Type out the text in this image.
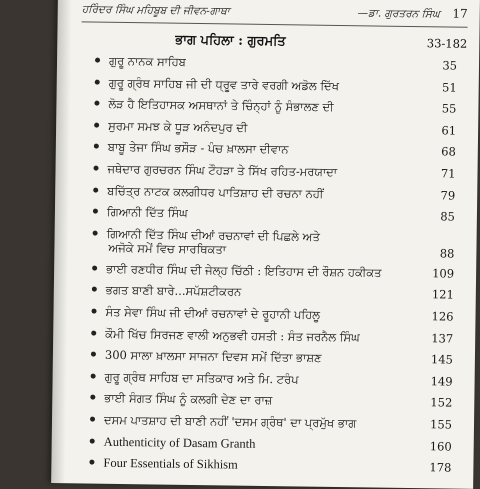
ਹਰਿੰਦਰ ਸਿੰਘ ਮਹਿਬੂਬ ਦੀ ਜੀਵਨ-ਗਾਥਾ	—ਡਾ. ਗੁਰਤਰਨ ਸਿੰਘ 17
ਭਾਗ ਪਹਿਲਾ : ਗੁਰਮਤਿ	33-182
ਗੁਰੂ ਨਾਨਕ ਸਾਹਿਬ	35
ਗੁਰੂ ਗ੍ਰੰਥ ਸਾਹਿਬ ਜੀ ਦੀ ਧ੍ਰੂਵ ਤਾਰੇ ਵਰਗੀ ਅਡੋਲ ਦਿੱਖ	51
ਲੋੜ ਹੈ ਇਤਿਹਾਸਕ ਅਸਥਾਨਾਂ ਤੇ ਚਿੰਨ੍ਹਾਂ ਨੂੰ ਸੰਭਾਲਣ ਦੀ	55
ਸੁਰਮਾ ਸਮਝ ਕੇ ਧੂੜ ਅਨੰਦਪੁਰ ਦੀ	61
ਬਾਬੂ ਤੇਜਾ ਸਿੰਘ ਭਸੌੜ - ਪੰਚ ਖ਼ਾਲਸਾ ਦੀਵਾਨ	68
ਜਥੇਦਾਰ ਗੁਰਚਰਨ ਸਿੰਘ ਟੌਹੜਾ ਤੇ ਸਿੱਖ ਰਹਿਤ-ਮਰਯਾਦਾ	71
ਬਚਿੱਤ੍ਰ ਨਾਟਕ ਕਲਗੀਧਰ ਪਾਤਿਸ਼ਾਹ ਦੀ ਰਚਨਾ ਨਹੀਂ	79
ਗਿਆਨੀ ਦਿੱਤ ਸਿੰਘ	85
ਗਿਆਨੀ ਦਿੱਤ ਸਿੰਘ ਦੀਆਂ ਰਚਨਾਵਾਂ ਦੀ ਪਿਛਲੇ ਅਤੇ
ਅਜੋਕੇ ਸਮੇਂ ਵਿਚ ਸਾਰਥਿਕਤਾ	88
ਭਾਈ ਰਣਧੀਰ ਸਿੰਘ ਦੀ ਜੇਲ੍ਹ ਚਿੱਠੀ : ਇਤਿਹਾਸ ਦੀ ਰੌਸ਼ਨ ਹਕੀਕਤ	109
ਭਗਤ ਬਾਣੀ ਬਾਰੇ...ਸਪੱਸ਼ਟੀਕਰਨ	121
ਸੰਤ ਸੇਵਾ ਸਿੰਘ ਜੀ ਦੀਆਂ ਰਚਨਾਵਾਂ ਦੇ ਰੂਹਾਨੀ ਪਹਿਲੂ	126
ਕੌਮੀ ਖਿੱਚ ਸਿਰਜਣ ਵਾਲੀ ਅਨੁਭਵੀ ਹਸਤੀ : ਸੰਤ ਜਰਨੈਲ ਸਿੰਘ	137
300 ਸਾਲਾ ਖ਼ਾਲਸਾ ਸਾਜਨਾ ਦਿਵਸ ਸਮੇਂ ਦਿੱਤਾ ਭਾਸ਼ਣ	145
ਗੁਰੂ ਗ੍ਰੰਥ ਸਾਹਿਬ ਦਾ ਸਤਿਕਾਰ ਅਤੇ ਮਿ. ਟਰੰਪ	149
ਭਾਈ ਸੰਗਤ ਸਿੰਘ ਨੂੰ ਕਲਗੀ ਦੇਣ ਦਾ ਰਾਜ਼	152
ਦਸਮ ਪਾਤਸ਼ਾਹ ਦੀ ਬਾਣੀ ਨਹੀਂ 'ਦਸਮ ਗ੍ਰੰਥ' ਦਾ ਪ੍ਰਮੁੱਖ ਭਾਗ	155
Authenticity of Dasam Granth	160
Four Essentials of Sikhism	178
